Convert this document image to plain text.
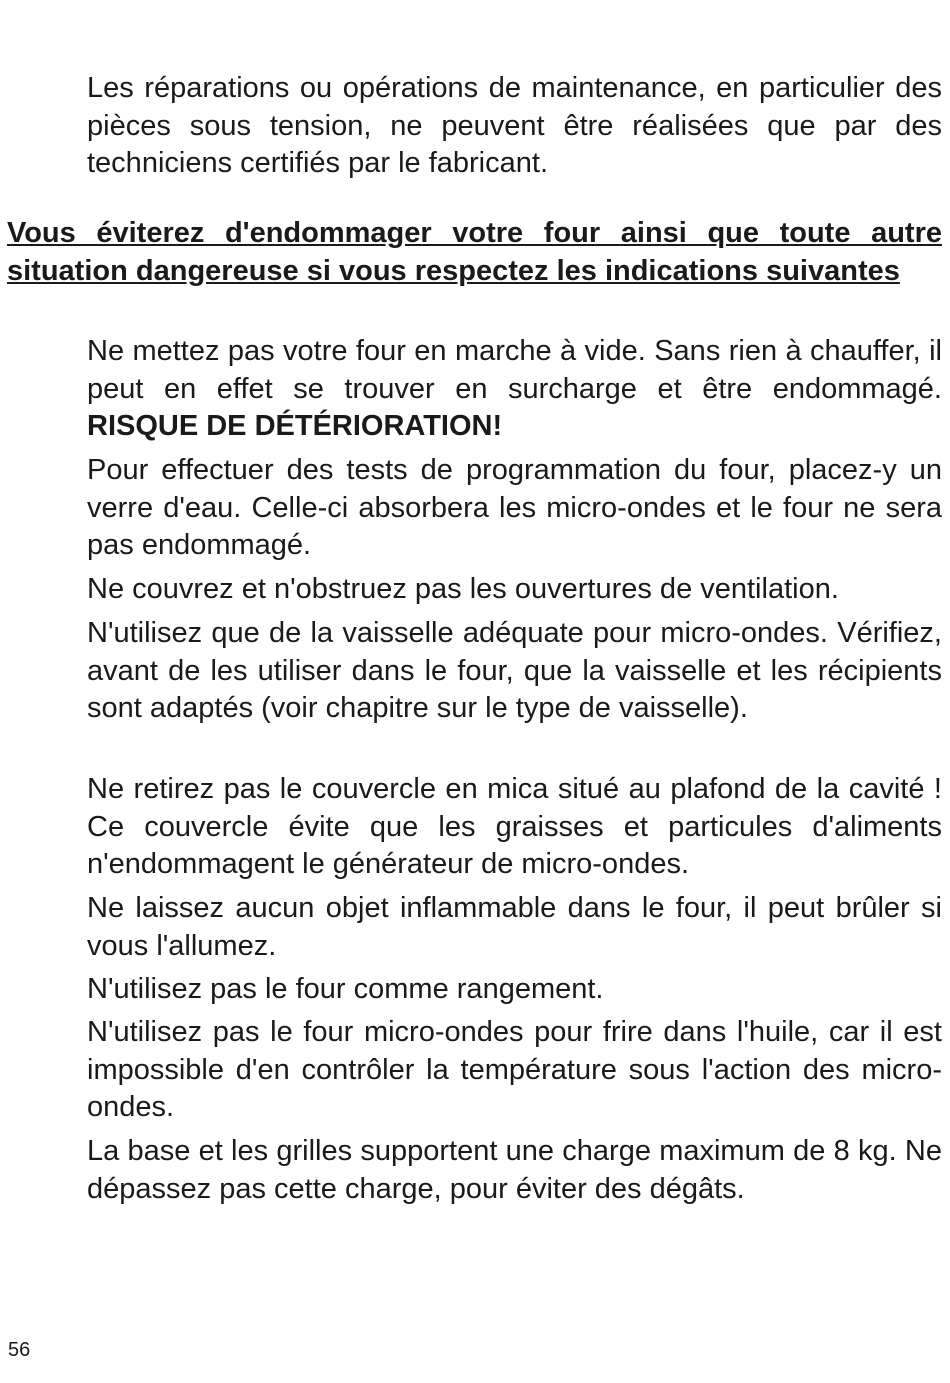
Les réparations ou opérations de maintenance, en particulier des pièces sous tension, ne peuvent être réalisées que par des techniciens certifiés par le fabricant.

Vous éviterez d'endommager votre four ainsi que toute autre situation dangereuse si vous respectez les indications suivantes

Ne mettez pas votre four en marche à vide. Sans rien à chauffer, il peut en effet se trouver en surcharge et être endommagé. RISQUE DE DÉTÉRIORATION!

Pour effectuer des tests de programmation du four, placez-y un verre d'eau. Celle-ci absorbera les micro-ondes et le four ne sera pas endommagé.

Ne couvrez et n'obstruez pas les ouvertures de ventilation.

N'utilisez que de la vaisselle adéquate pour micro-ondes. Vérifiez, avant de les utiliser dans le four, que la vaisselle et les récipients sont adaptés (voir chapitre sur le type de vaisselle).

Ne retirez pas le couvercle en mica situé au plafond de la cavité ! Ce couvercle évite que les graisses et particules d'aliments n'endommagent le générateur de micro-ondes.

Ne laissez aucun objet inflammable dans le four, il peut brûler si vous l'allumez.

N'utilisez pas le four comme rangement.

N'utilisez pas le four micro-ondes pour frire dans l'huile, car il est impossible d'en contrôler la température sous l'action des micro-ondes.

La base et les grilles supportent une charge maximum de 8 kg. Ne dépassez pas cette charge, pour éviter des dégâts.

56
